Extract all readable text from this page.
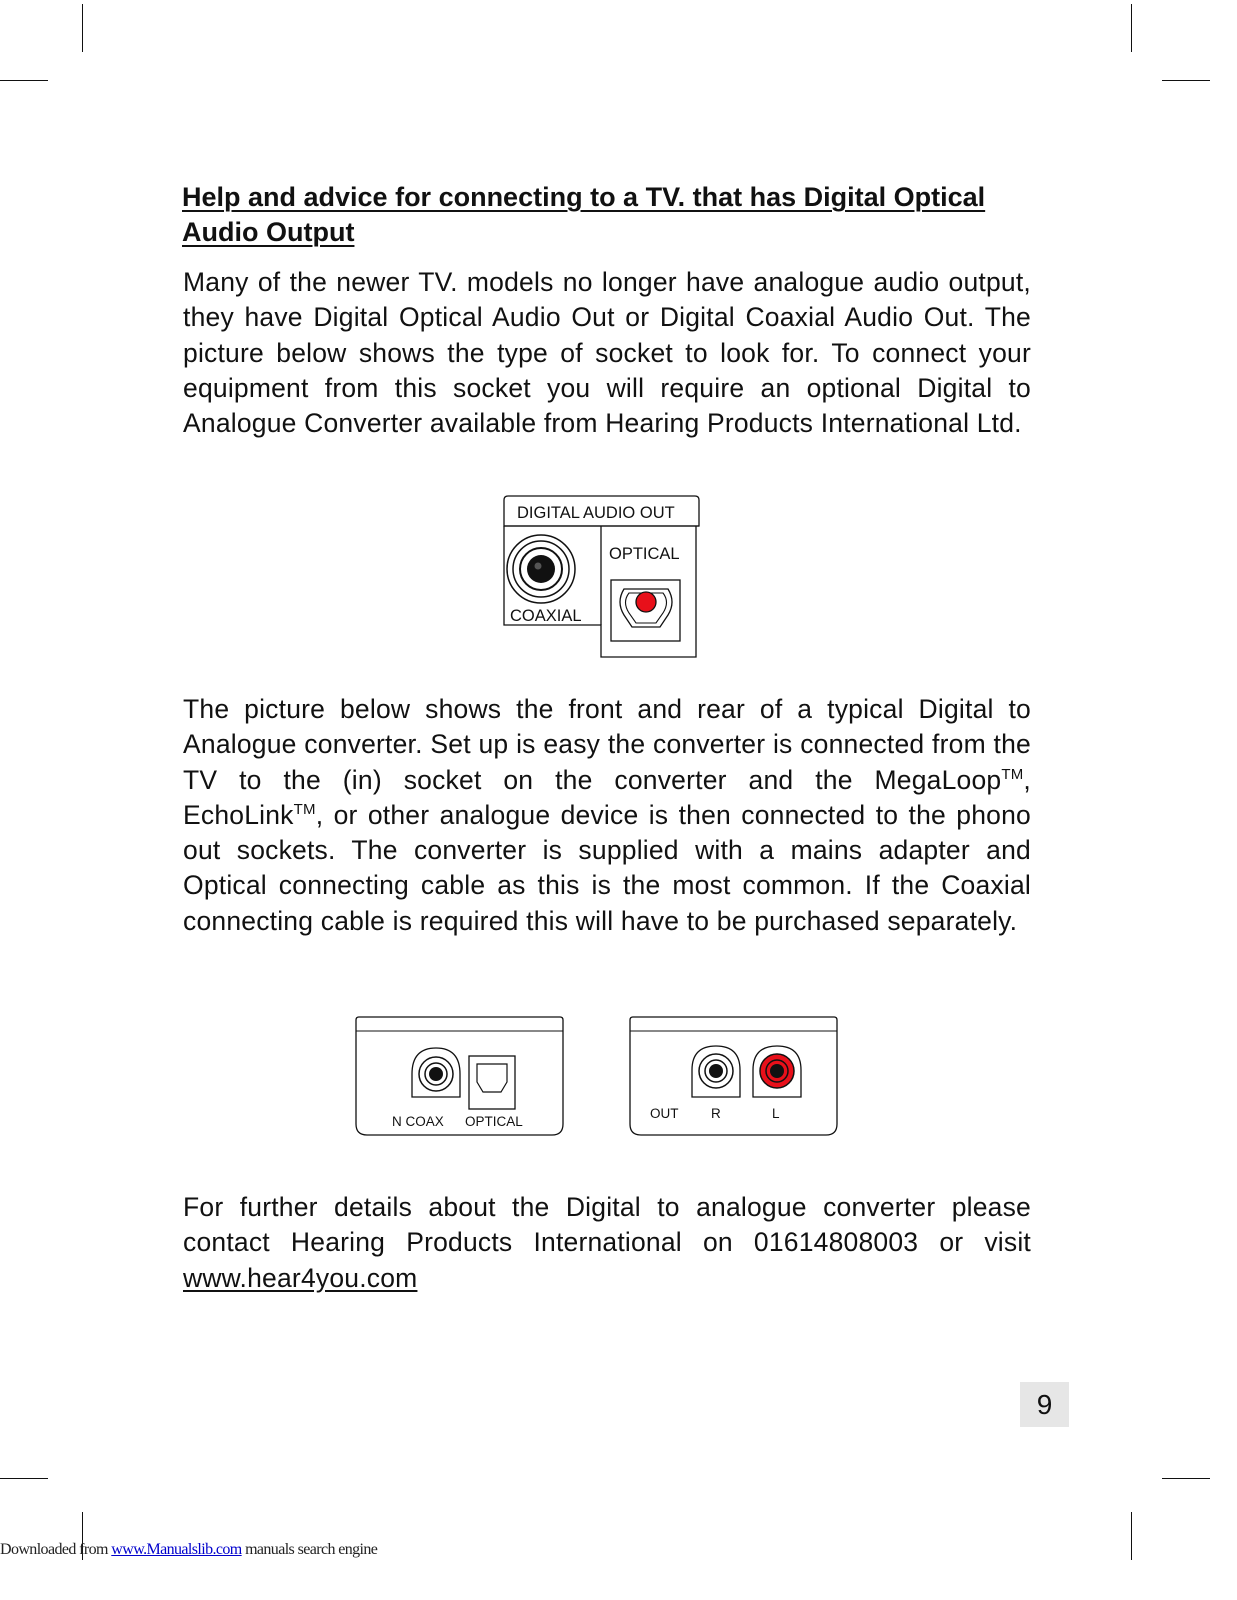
Help and advice for connecting to a TV. that has Digital Optical Audio Output
Many of the newer TV. models no longer have analogue audio output, they have Digital Optical Audio Out or Digital Coaxial Audio Out. The picture below shows the type of socket to look for. To connect your equipment from this socket you will require an optional Digital to Analogue Converter available from Hearing Products International Ltd.
DIGITAL AUDIO OUT
OPTICAL
COAXIAL
The picture below shows the front and rear of a typical Digital to Analogue converter. Set up is easy the converter is connected from the TV to the (in) socket on the converter and the MegaLoop™, EchoLink™, or other analogue device is then connected to the phono out sockets. The converter is supplied with a mains adapter and Optical connecting cable as this is the most common. If the Coaxial connecting cable is required this will have to be purchased separately.
N COAX OPTICAL
OUT R	L
For further details about the Digital to analogue converter please contact Hearing Products International on 01614808003 or visit www.hear4you.com
9
Downloaded from www.Manualslib.com manuals search engine
